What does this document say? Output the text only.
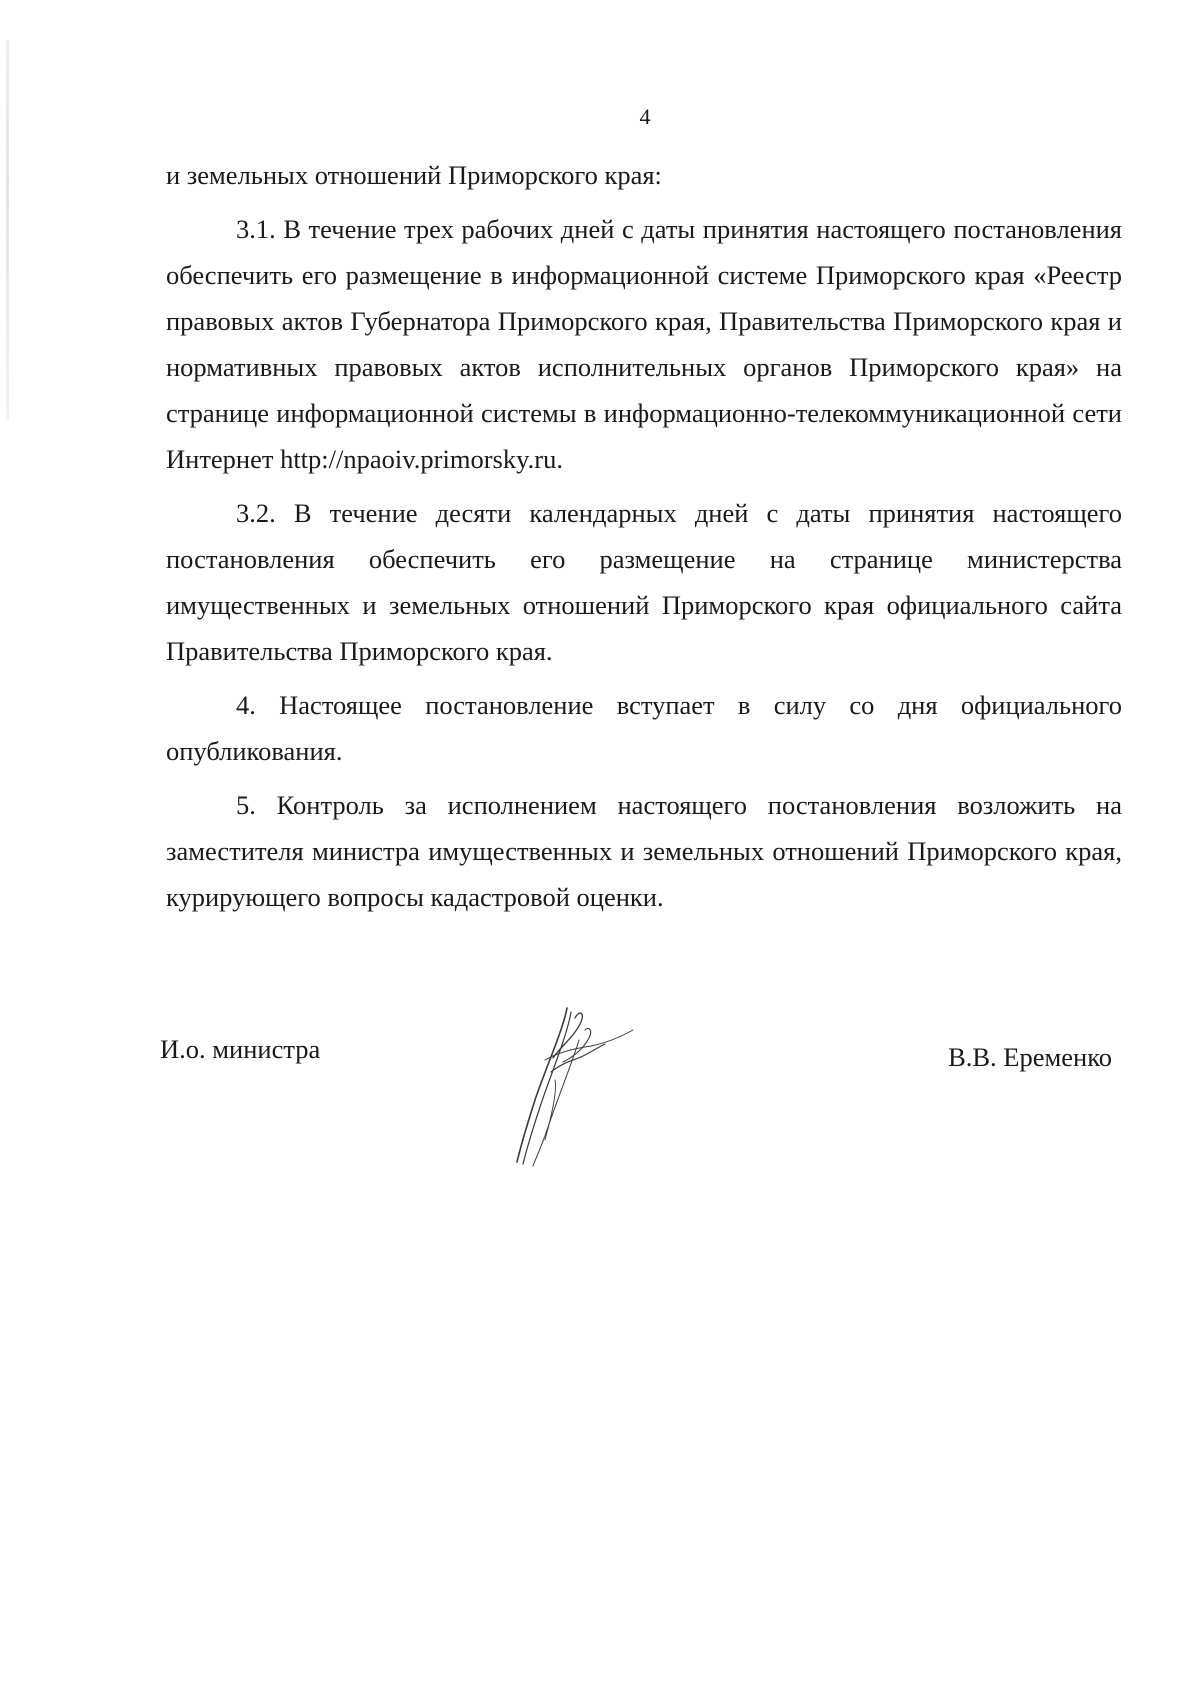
4

и земельных отношений Приморского края:

3.1. В течение трех рабочих дней с даты принятия настоящего постановления обеспечить его размещение в информационной системе Приморского края «Реестр правовых актов Губернатора Приморского края, Правительства Приморского края и нормативных правовых актов исполнительных органов Приморского края» на странице информационной системы в информационно-телекоммуникационной сети Интернет http://npaoiv.primorsky.ru.

3.2. В течение десяти календарных дней с даты принятия настоящего постановления обеспечить его размещение на странице министерства имущественных и земельных отношений Приморского края официального сайта Правительства Приморского края.

4. Настоящее постановление вступает в силу со дня официального опубликования.

5. Контроль за исполнением настоящего постановления возложить на заместителя министра имущественных и земельных отношений Приморского края, курирующего вопросы кадастровой оценки.

И.о. министра	В.В. Еременко
